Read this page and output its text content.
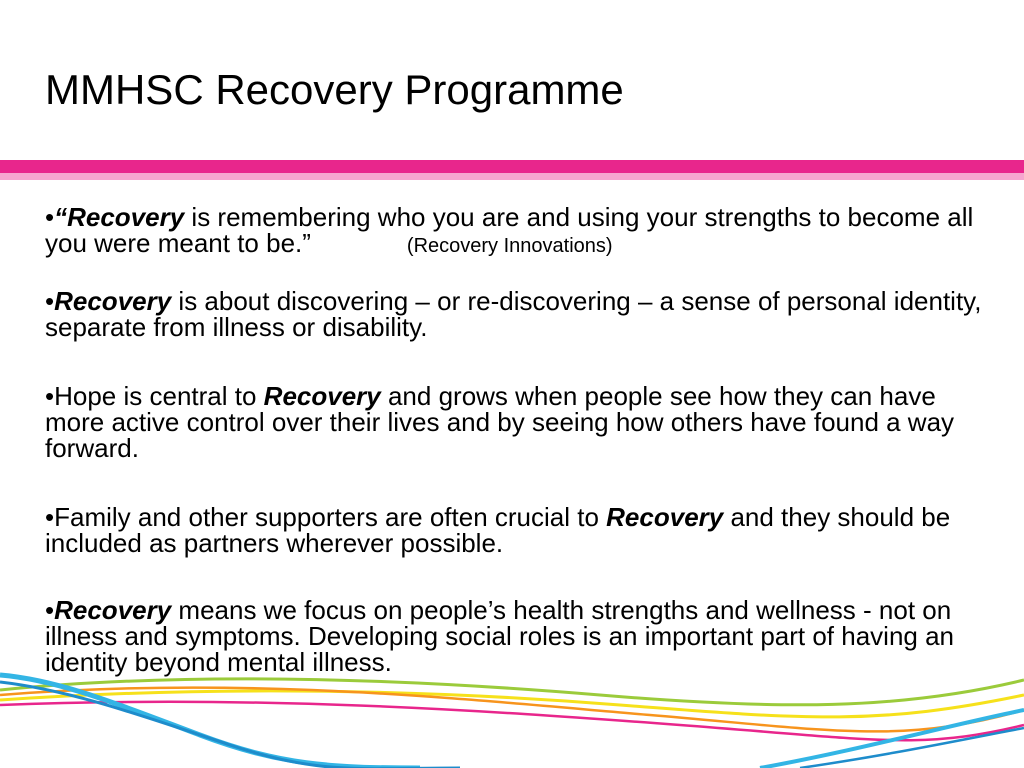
MMHSC Recovery Programme

•“Recovery is remembering who you are and using your strengths to become all you were meant to be.”	(Recovery Innovations)

•Recovery is about discovering – or re-discovering – a sense of personal identity, separate from illness or disability.

•Hope is central to Recovery and grows when people see how they can have more active control over their lives and by seeing how others have found a way forward.

•Family and other supporters are often crucial to Recovery and they should be included as partners wherever possible.

•Recovery means we focus on people’s health strengths and wellness - not on illness and symptoms. Developing social roles is an important part of having an identity beyond mental illness.
